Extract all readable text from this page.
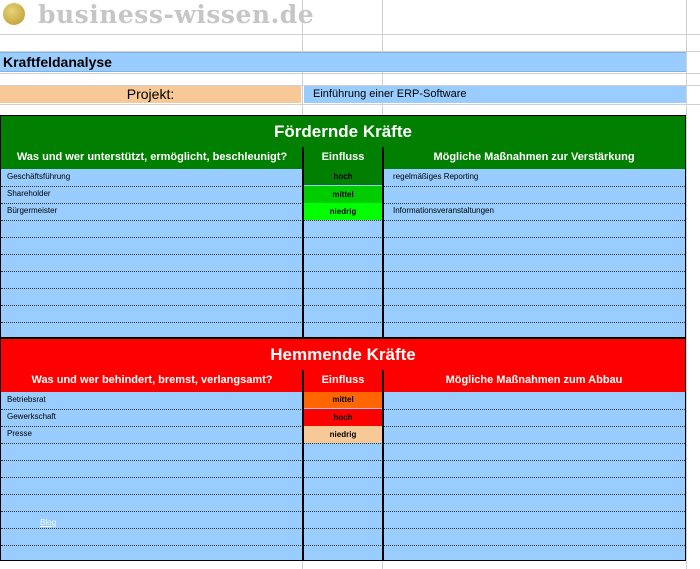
business-wissen.de
Kraftfeldanalyse
Projekt:	Einführung einer ERP-Software
Fördernde Kräfte
Was und wer unterstützt, ermöglicht, beschleunigt?	Einfluss	Mögliche Maßnahmen zur Verstärkung
Geschäftsführung	hoch	regelmäßiges Reporting
Shareholder	mittel
Bürgermeister	niedrig	Informationsveranstaltungen
Hemmende Kräfte
Was und wer behindert, bremst, verlangsamt?	Einfluss	Mögliche Maßnahmen zum Abbau
Betriebsrat	mittel
Gewerkschaft	hoch
Presse	niedrig
Blog
